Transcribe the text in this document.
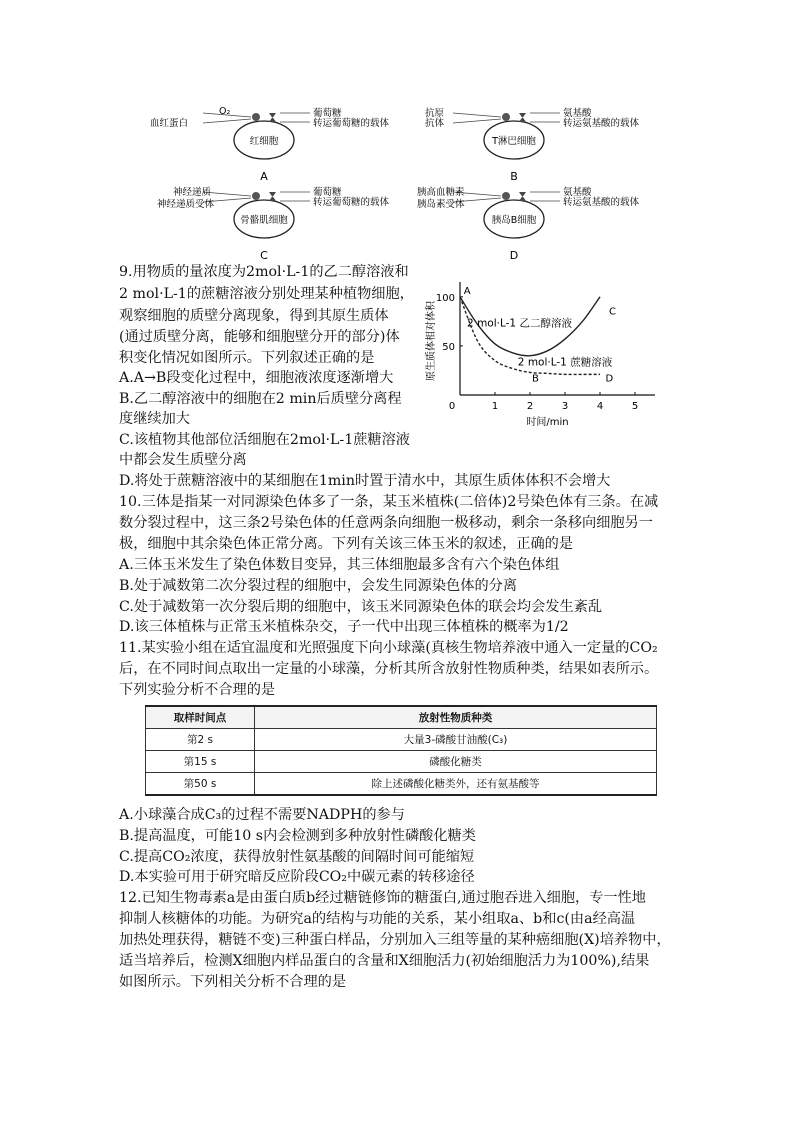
红细胞
O₂
血红蛋白
葡萄糖
转运葡萄糖的载体
A
T淋巴细胞
抗原
抗体
氨基酸
转运氨基酸的载体
B
骨骼肌细胞
神经递质
神经递质受体
葡萄糖
转运葡萄糖的载体
C
胰岛B细胞
胰高血糖素
胰岛素受体
氨基酸
转运氨基酸的载体
D
9.用物质的量浓度为2mol·L-1的乙二醇溶液和
2 mol·L-1的蔗糖溶液分别处理某种植物细胞，
观察细胞的质壁分离现象，得到其原生质体
(通过质壁分离，能够和细胞壁分开的部分)体
积变化情况如图所示。下列叙述正确的是
A.A→B段变化过程中，细胞液浓度逐渐增大
B.乙二醇溶液中的细胞在2 min后质壁分离程
度继续加大
C.该植物其他部位活细胞在2mol·L-1蔗糖溶液
中都会发生质壁分离
D.将处于蔗糖溶液中的某细胞在1min时置于清水中，其原生质体体积不会增大
0	1	2	3	4	5
50
100
时间/min
原生质体相对体积	2 mol·L-1 乙二醇溶液
2 mol·L-1 蔗糖溶液
A
B
C
D
10.三体是指某一对同源染色体多了一条，某玉米植株(二倍体)2号染色体有三条。在减
数分裂过程中，这三条2号染色体的任意两条向细胞一极移动，剩余一条移向细胞另一
极，细胞中其余染色体正常分离。下列有关该三体玉米的叙述，正确的是
A.三体玉米发生了染色体数目变异，其三体细胞最多含有六个染色体组
B.处于减数第二次分裂过程的细胞中，会发生同源染色体的分离
C.处于减数第一次分裂后期的细胞中，该玉米同源染色体的联会均会发生紊乱
D.该三体植株与正常玉米植株杂交，子一代中出现三体植株的概率为1/2
11.某实验小组在适宜温度和光照强度下向小球藻(真核生物培养液中通入一定量的CO₂
后，在不同时间点取出一定量的小球藻，分析其所含放射性物质种类，结果如表所示。
下列实验分析不合理的是
取样时间点	放射性物质种类
第2 s	大量3-磷酸甘油酸(C₃)
第15 s	磷酸化糖类
第50 s	除上述磷酸化糖类外，还有氨基酸等
A.小球藻合成C₃的过程不需要NADPH的参与
B.提高温度，可能10 s内会检测到多种放射性磷酸化糖类
C.提高CO₂浓度，获得放射性氨基酸的间隔时间可能缩短
D.本实验可用于研究暗反应阶段CO₂中碳元素的转移途径
12.已知生物毒素a是由蛋白质b经过糖链修饰的糖蛋白,通过胞吞进入细胞，专一性地
抑制人核糖体的功能。为研究a的结构与功能的关系，某小组取a、b和c(由a经高温
加热处理获得，糖链不变)三种蛋白样品，分别加入三组等量的某种癌细胞(X)培养物中，
适当培养后，检测X细胞内样品蛋白的含量和X细胞活力(初始细胞活力为100%),结果
如图所示。下列相关分析不合理的是
